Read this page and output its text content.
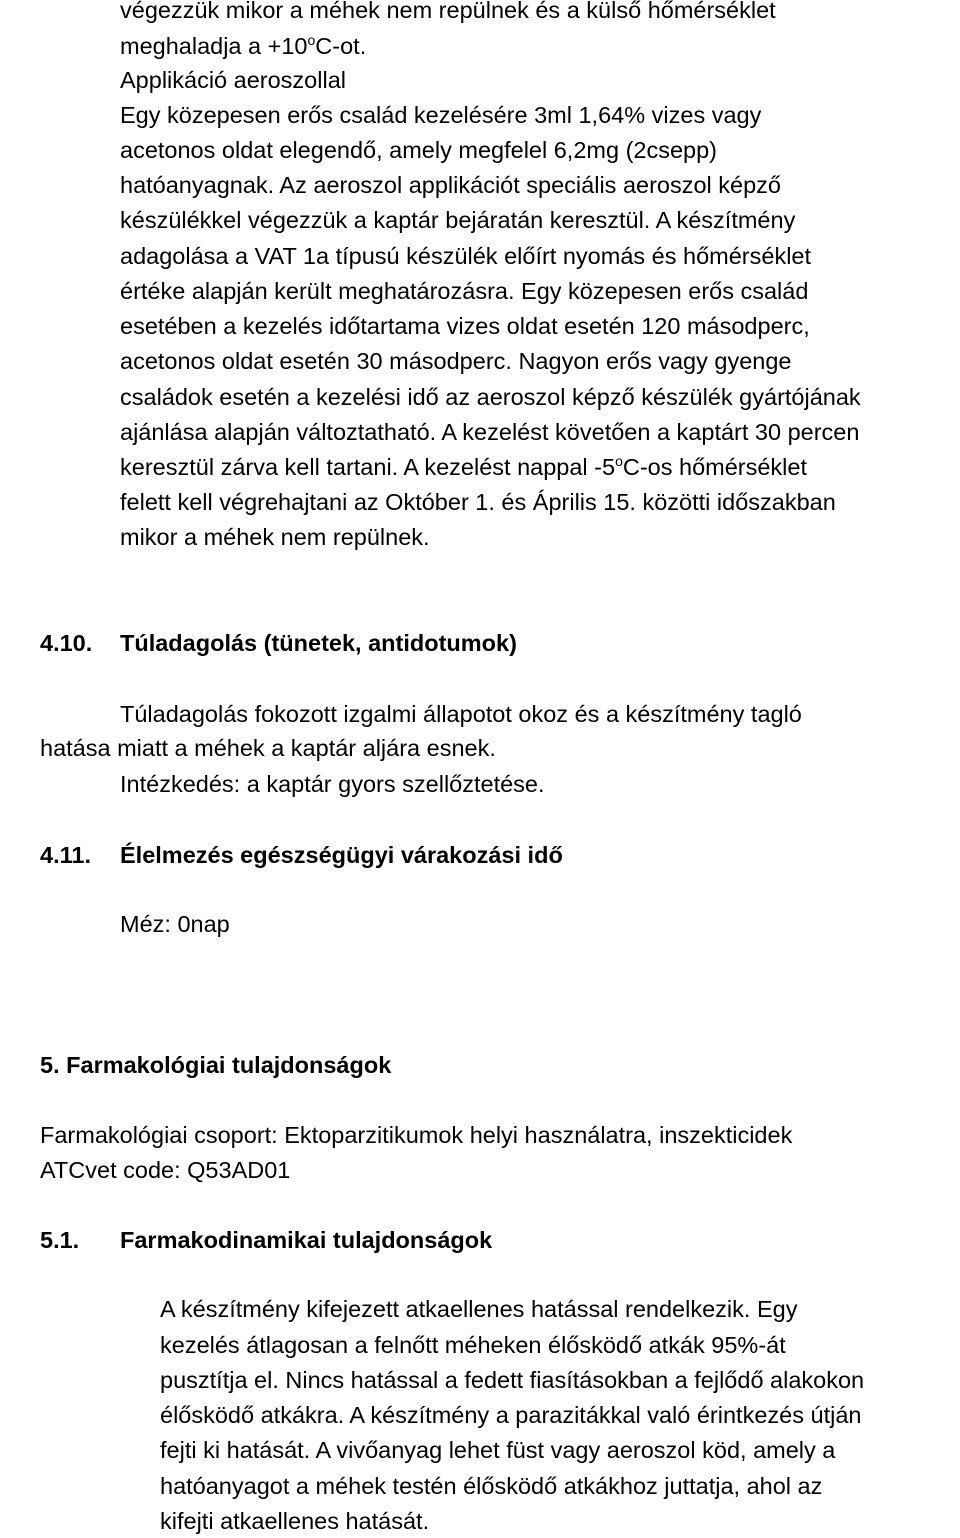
végezzük mikor a méhek nem repülnek és a külső hőmérséklet
meghaladja $a +10^oC-ot$.
Applikáció aeroszollal
Egy közepesen erős család kezelésére 3ml 1,64% vizes vagy
acetonos oldat elegendő, amely megfelel 6,2mg (2csepp)
hatóanyagnak. Az aeroszol applikációt speciális aeroszol képző
készülékkel végezzük a kaptár bejáratán keresztül. A készítmény
adagolása a VAT 1a típusú készülék előírt nyomás és hőmérséklet
értéke alapján került meghatározásra. Egy közepesen erős család
esetében a kezelés időtartama vizes oldat esetén 120 másodperc,
acetonos oldat esetén 30 másodperc. Nagyon erős vagy gyenge
családok esetén a kezelési idő az aeroszol képző készülék gyártójának
ajánlása alapján változtatható. A kezelést követően a kaptárt 30 percen
keresztül zárva kell tartani. A kezelést nappal -5$^o$C-os hőmérséklet
felett kell végrehajtani az Október 1. és Április 15. közötti időszakban
mikor a méhek nem repülnek.
4.10. Túladagolás (tünetek, antidotumok)
Túladagolás fokozott izgalmi állapotot okoz és a készítmény tagló
hatása miatt a méhek a kaptár aljára esnek.
Intézkedés: a kaptár gyors szellőztetése.
4.11. Élelmezés egészségügyi várakozási idő
Méz: 0nap
5. Farmakológiai tulajdonságok
Farmakológiai csoport: Ektoparzitikumok helyi használatra, inszekticidek
ATCvet code: Q53AD01
5.1. Farmakodinamikai tulajdonságok
A készítmény kifejezett atkaellenes hatással rendelkezik. Egy
kezelés átlagosan a felnőtt méheken élősködő atkák 95%-át
pusztítja el. Nincs hatással a fedett fiasításokban a fejlődő alakokon
élősködő atkákra. A készítmény a parazitákkal való érintkezés útján
fejti ki hatását. A vivőanyag lehet füst vagy aeroszol köd, amely a
hatóanyagot a méhek testén élősködő atkákhoz juttatja, ahol az
kifejti atkaellenes hatását.
